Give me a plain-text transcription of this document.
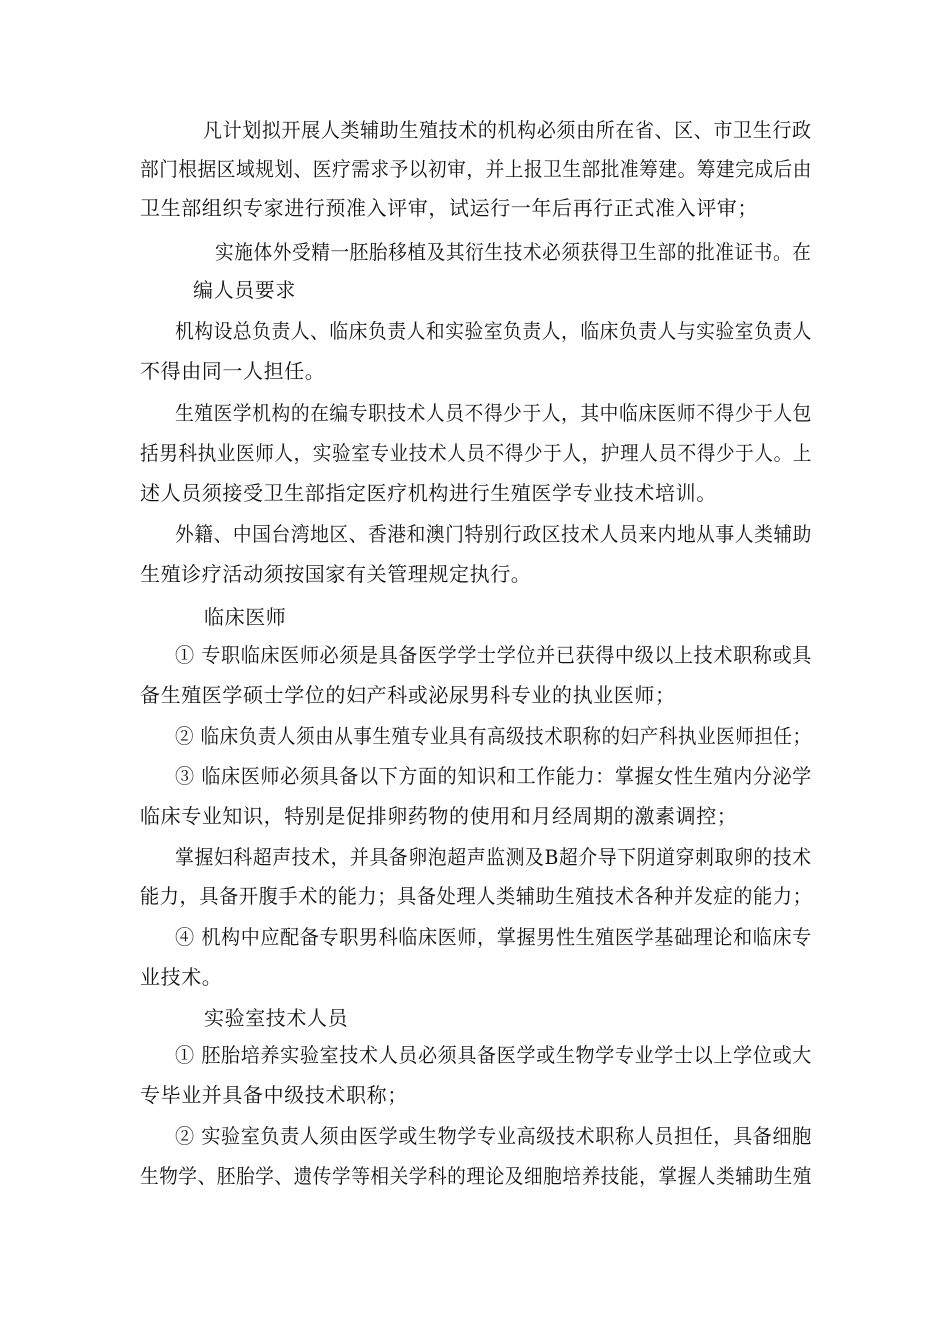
凡计划拟开展人类辅助生殖技术的机构必须由所在省、区、市卫生行政
部门根据区域规划、医疗需求予以初审，并上报卫生部批准筹建。筹建完成后由
卫生部组织专家进行预准入评审，试运行一年后再行正式准入评审；
实施体外受精一胚胎移植及其衍生技术必须获得卫生部的批准证书。在
编人员要求
机构设总负责人、临床负责人和实验室负责人，临床负责人与实验室负责人
不得由同一人担任。
生殖医学机构的在编专职技术人员不得少于人，其中临床医师不得少于人包
括男科执业医师人，实验室专业技术人员不得少于人，护理人员不得少于人。上
述人员须接受卫生部指定医疗机构进行生殖医学专业技术培训。
外籍、中国台湾地区、香港和澳门特别行政区技术人员来内地从事人类辅助
生殖诊疗活动须按国家有关管理规定执行。
临床医师
① 专职临床医师必须是具备医学学士学位并已获得中级以上技术职称或具
备生殖医学硕士学位的妇产科或泌尿男科专业的执业医师；
② 临床负责人须由从事生殖专业具有高级技术职称的妇产科执业医师担任；
③ 临床医师必须具备以下方面的知识和工作能力：掌握女性生殖内分泌学
临床专业知识，特别是促排卵药物的使用和月经周期的激素调控；
掌握妇科超声技术，并具备卵泡超声监测及B超介导下阴道穿刺取卵的技术
能力，具备开腹手术的能力；具备处理人类辅助生殖技术各种并发症的能力；
④ 机构中应配备专职男科临床医师，掌握男性生殖医学基础理论和临床专
业技术。
实验室技术人员
① 胚胎培养实验室技术人员必须具备医学或生物学专业学士以上学位或大
专毕业并具备中级技术职称；
② 实验室负责人须由医学或生物学专业高级技术职称人员担任，具备细胞
生物学、胚胎学、遗传学等相关学科的理论及细胞培养技能，掌握人类辅助生殖
